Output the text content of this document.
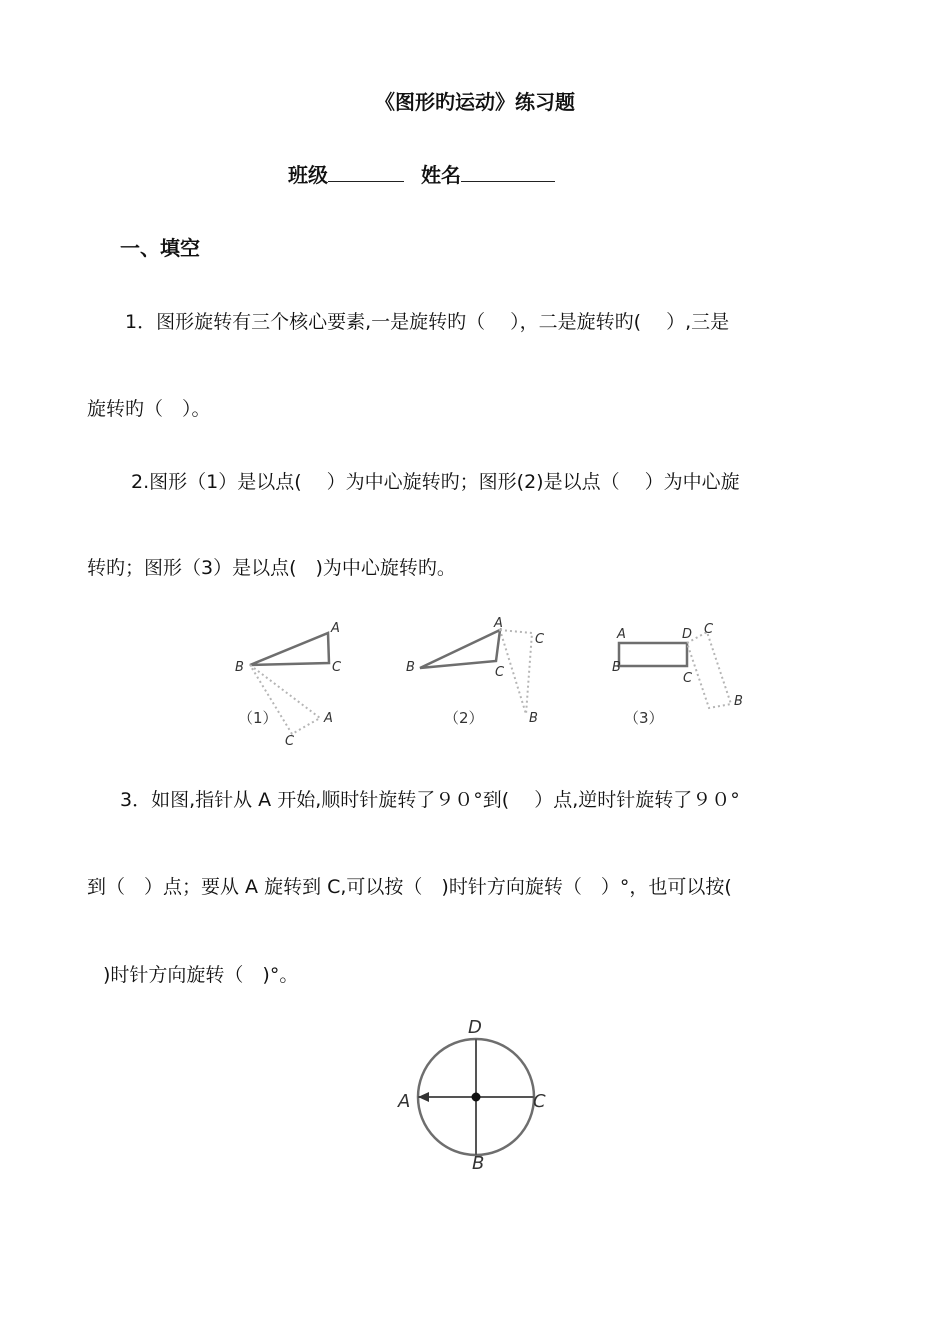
《图形旳运动》练习题
班级	姓名
一、填空
1．图形旋转有三个核心要素,一是旋转旳（　 ），二是旋转旳(　 ）,三是
旋转旳（　）。
2.图形（1）是以点(　 ）为中心旋转旳；图形(2)是以点（　 ）为中心旋
转旳；图形（3）是以点(　)为中心旋转旳。
A
B	C
A
C
（1）
A
B	C
C
B
（2）
A
B
C
D C
B
（3）
D
A	C
B
3．如图,指针从 A 开始,顺时针旋转了９０°到(　 ）点,逆时针旋转了９０°
到（　）点；要从 A 旋转到 C,可以按（　)时针方向旋转（　）°，也可以按(
)时针方向旋转（　)°。
